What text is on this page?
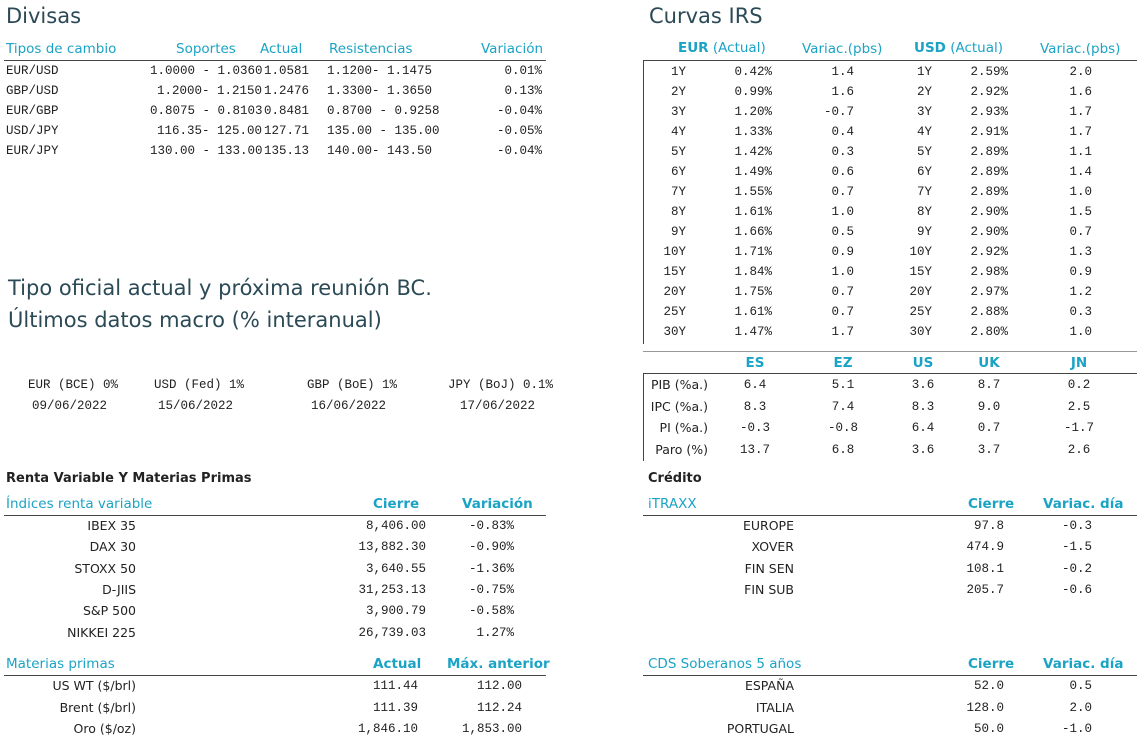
Divisas
Tipos de cambio	Soportes Actual Resistencias	Variación
EUR/USD	1.0000 - 1.0360 1.0581	1.1200- 1.1475	0.01%
GBP/USD	1.2000- 1.2150 1.2476	1.3300- 1.3650	0.13%
EUR/GBP	0.8075 - 0.8103 0.8481	0.8700 - 0.9258	-0.04%
USD/JPY	116.35- 125.00 127.71	135.00 - 135.00	-0.05%
EUR/JPY	130.00 - 133.00 135.13	140.00- 143.50	-0.04%
Curvas IRS
EUR (Actual)	Variac.(pbs) USD (Actual)	Variac.(pbs)
1Y	0.42%	1.4	1Y	2.59%	2.0
2Y	0.99%	1.6	2Y	2.92%	1.6
3Y	1.20%	-0.7	3Y	2.93%	1.7
4Y	1.33%	0.4	4Y	2.91%	1.7
5Y	1.42%	0.3	5Y	2.89%	1.1
6Y	1.49%	0.6	6Y	2.89%	1.4
7Y	1.55%	0.7	7Y	2.89%	1.0
8Y	1.61%	1.0	8Y	2.90%	1.5
9Y	1.66%	0.5	9Y	2.90%	0.7
10Y	1.71%	0.9	10Y	2.92%	1.3
15Y	1.84%	1.0	15Y	2.98%	0.9
20Y	1.75%	0.7	20Y	2.97%	1.2
25Y	1.61%	0.7	25Y	2.88%	0.3
30Y	1.47%	1.7	30Y	2.80%	1.0
Tipo oficial actual y próxima reunión BC.
Últimos datos macro (% interanual)
EUR (BCE) 0%
09/06/2022
USD (Fed) 1%
15/06/2022
GBP (BoE) 1%
16/06/2022
JPY (BoJ) 0.1%
17/06/2022
ES	EZ	US	UK	JN
PIB (%a.)	6.4	5.1	3.6	8.7	0.2
IPC (%a.)	8.3	7.4	8.3	9.0	2.5
PI (%a.)	-0.3	-0.8	6.4	0.7	-1.7
Paro (%)	13.7	6.8	3.6	3.7	2.6
Renta Variable Y Materias Primas
Índices renta variable	Cierre	Variación
IBEX 35	8,406.00	-0.83%
DAX 30	13,882.30	-0.90%
STOXX 50	3,640.55	-1.36%
D-JIIS	31,253.13	-0.75%
S&P 500	3,900.79	-0.58%
NIKKEI 225	26,739.03	1.27%
Materias primas	Actual Máx. anterior
US WT ($/brl)	111.44	112.00
Brent ($/brl)	111.39	112.24
Oro ($/oz)	1,846.10	1,853.00
Crédito
iTRAXX	Cierre Variac. día
EUROPE	97.8	-0.3
XOVER	474.9	-1.5
FIN SEN	108.1	-0.2
FIN SUB	205.7	-0.6
CDS Soberanos 5 años	Cierre Variac. día
ESPAÑA	52.0	0.5
ITALIA	128.0	2.0
PORTUGAL	50.0	-1.0
